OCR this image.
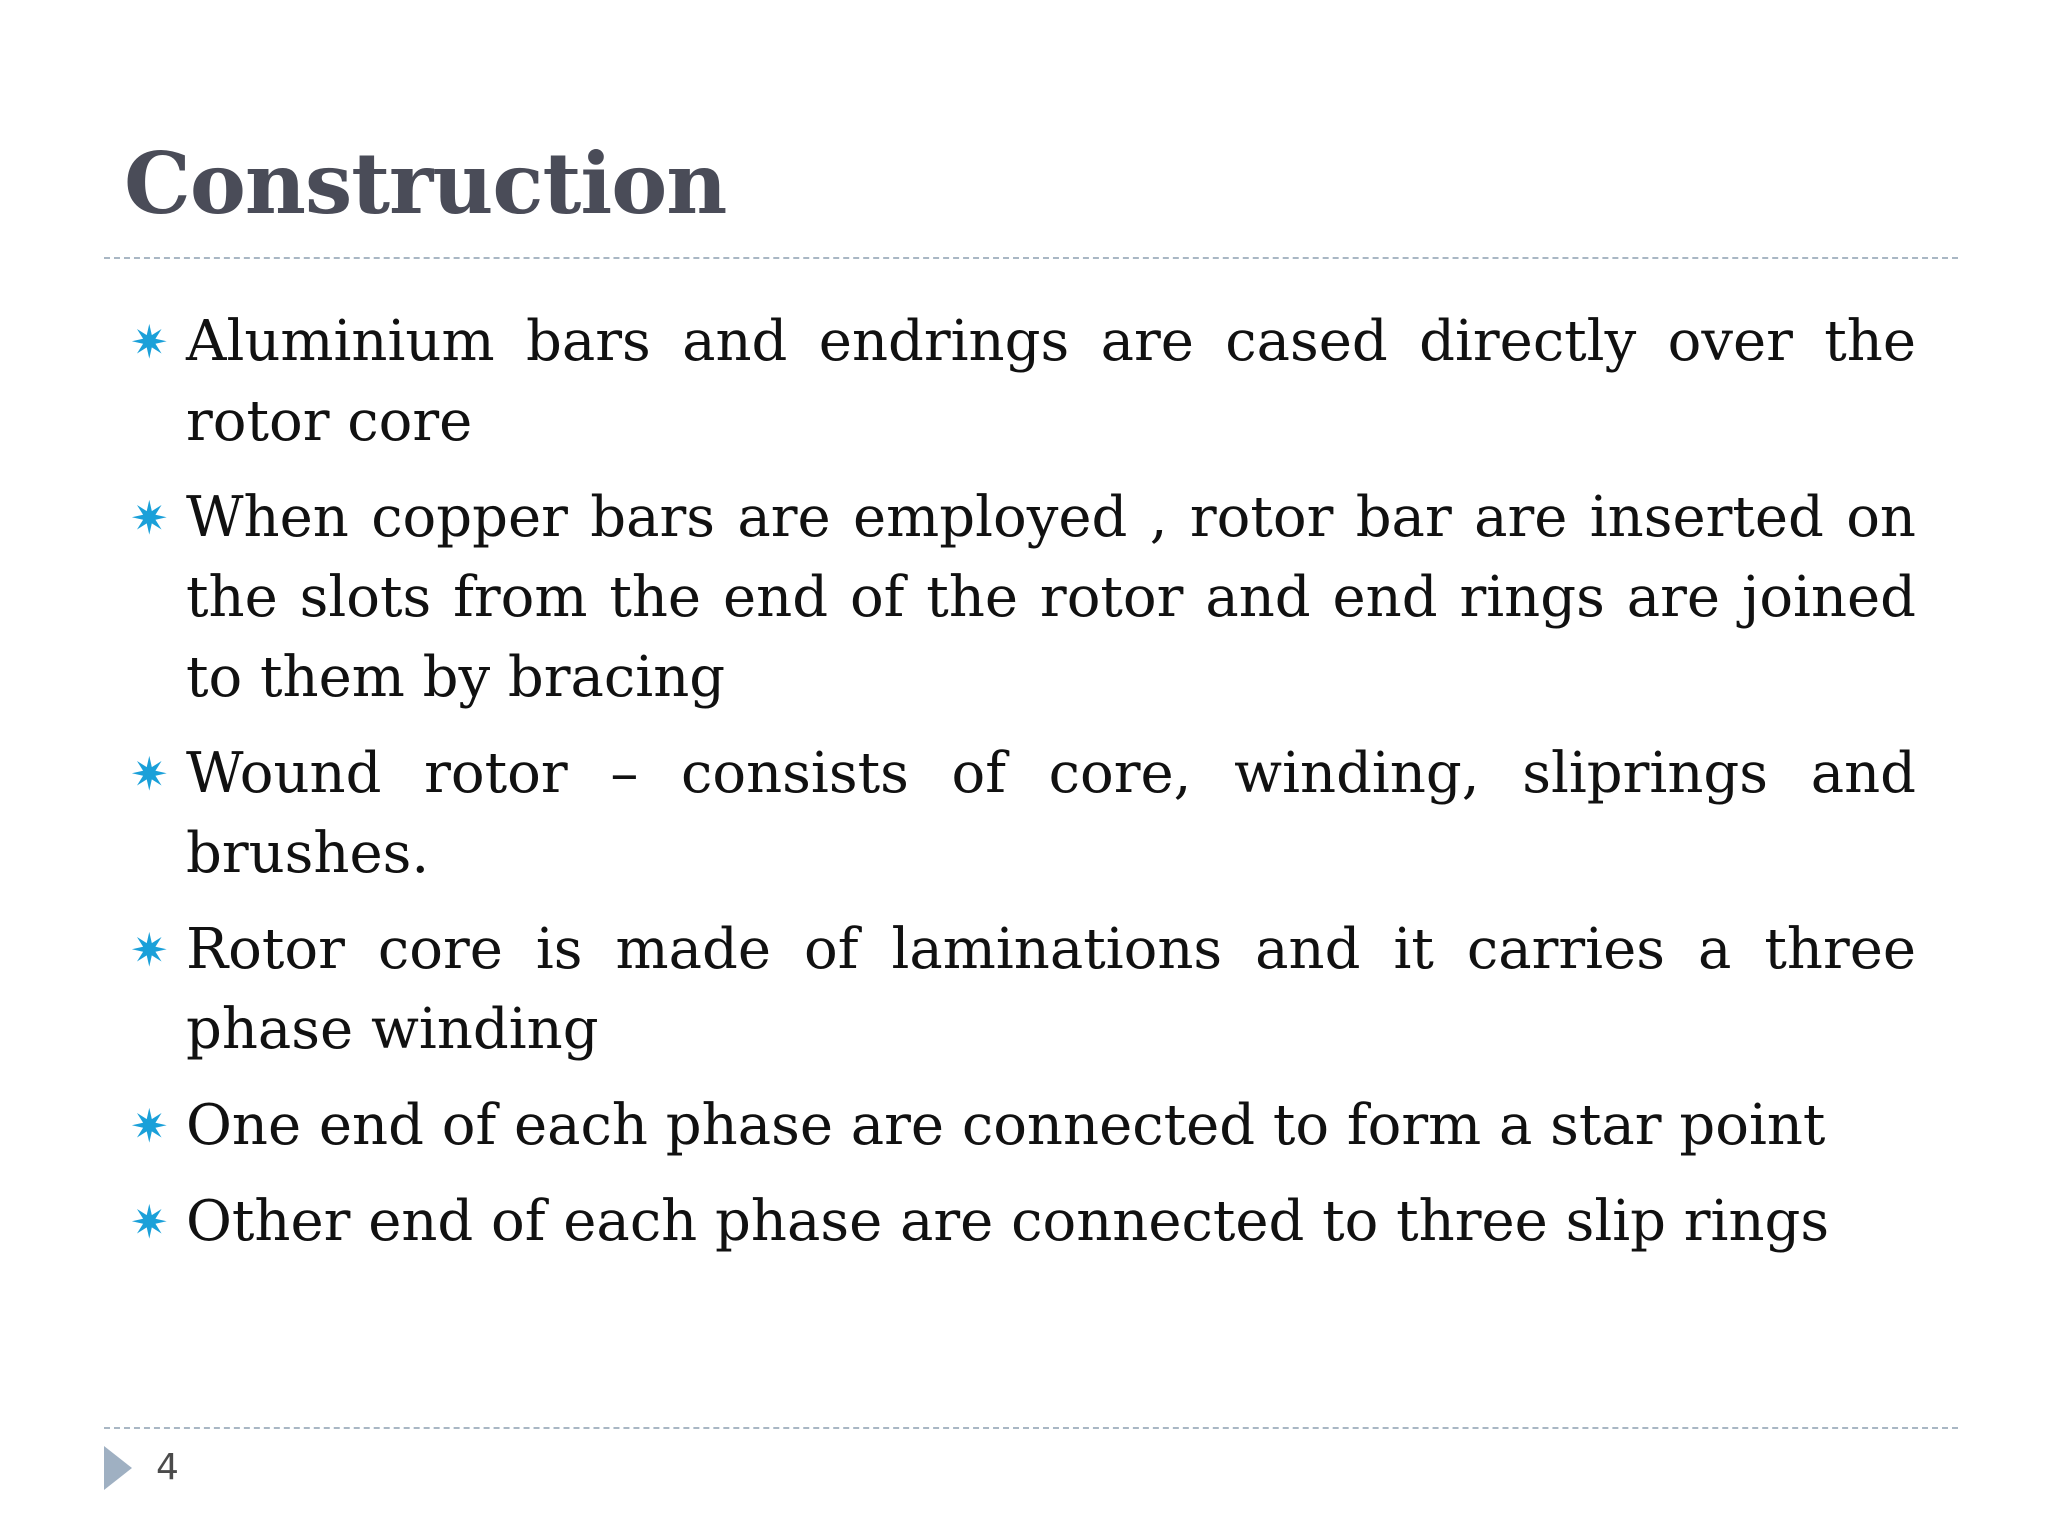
Construction
✷ Aluminium bars and endrings are cased directly over the rotor core
✷ When copper bars are employed , rotor bar are inserted on the slots from the end of the rotor and end rings are joined to them by bracing
✷ Wound rotor – consists of core, winding, sliprings and brushes.
✷ Rotor core is made of laminations and it carries a three phase winding
✷ One end of each phase are connected to form a star point
✷ Other end of each phase are connected to three slip rings
4
